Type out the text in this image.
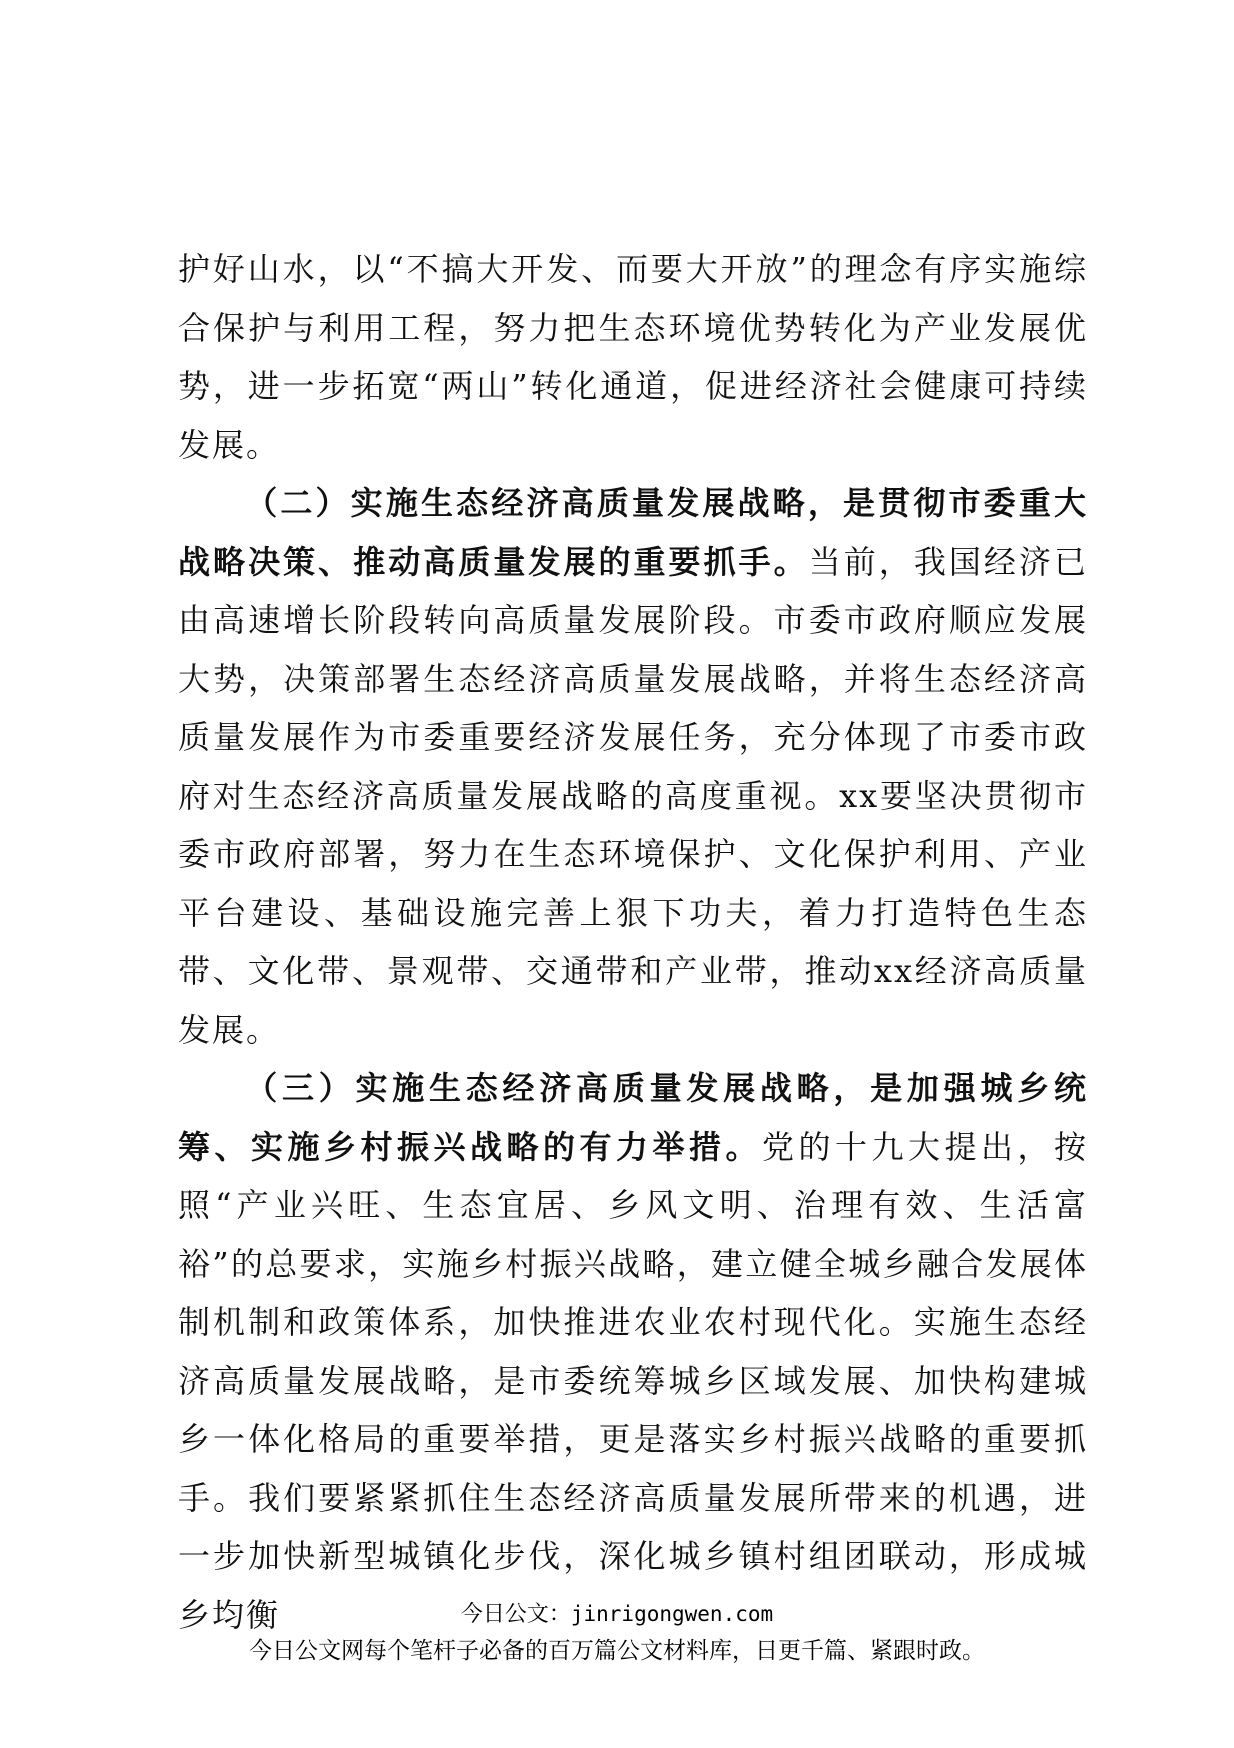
护好山水，以“不搞大开发、而要大开放”的理念有序实施综合保护与利用工程，努力把生态环境优势转化为产业发展优势，进一步拓宽“两山”转化通道，促进经济社会健康可持续发展。

（二）实施生态经济高质量发展战略，是贯彻市委重大战略决策、推动高质量发展的重要抓手。当前，我国经济已由高速增长阶段转向高质量发展阶段。市委市政府顺应发展大势，决策部署生态经济高质量发展战略，并将生态经济高质量发展作为市委重要经济发展任务，充分体现了市委市政府对生态经济高质量发展战略的高度重视。xx要坚决贯彻市委市政府部署，努力在生态环境保护、文化保护利用、产业平台建设、基础设施完善上狠下功夫，着力打造特色生态带、文化带、景观带、交通带和产业带，推动xx经济高质量发展。

（三）实施生态经济高质量发展战略，是加强城乡统筹、实施乡村振兴战略的有力举措。党的十九大提出，按照“产业兴旺、生态宜居、乡风文明、治理有效、生活富裕”的总要求，实施乡村振兴战略，建立健全城乡融合发展体制机制和政策体系，加快推进农业农村现代化。实施生态经济高质量发展战略，是市委统筹城乡区域发展、加快构建城乡一体化格局的重要举措，更是落实乡村振兴战略的重要抓手。我们要紧紧抓住生态经济高质量发展所带来的机遇，进一步加快新型城镇化步伐，深化城乡镇村组团联动，形成城乡均衡	今日公文：jinrigongwen.com
今日公文网每个笔杆子必备的百万篇公文材料库，日更千篇、紧跟时政。
